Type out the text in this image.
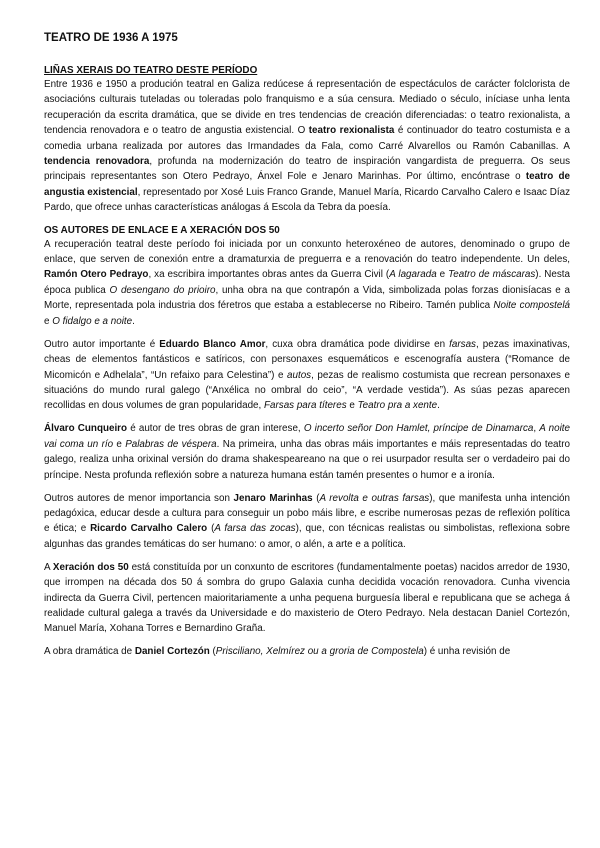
TEATRO DE 1936 A 1975
LIÑAS XERAIS DO TEATRO DESTE PERÍODO

Entre 1936 e 1950 a produción teatral en Galiza redúcese á representación de espectáculos de carácter folclorista de asociacións culturais tuteladas ou toleradas polo franquismo e a súa censura. Mediado o século, iníciase unha lenta recuperación da escrita dramática, que se divide en tres tendencias de creación diferenciadas: o teatro rexionalista, a tendencia renovadora e o teatro de angustia existencial. O teatro rexionalista é continuador do teatro costumista e a comedia urbana realizada por autores das Irmandades da Fala, como Carré Alvarellos ou Ramón Cabanillas. A tendencia renovadora, profunda na modernización do teatro de inspiración vangardista de preguerra. Os seus principais representantes son Otero Pedrayo, Ánxel Fole e Jenaro Marinhas. Por último, encóntrase o teatro de angustia existencial, representado por Xosé Luis Franco Grande, Manuel María, Ricardo Carvalho Calero e Isaac Díaz Pardo, que ofrece unhas características análogas á Escola da Tebra da poesía.

OS AUTORES DE ENLACE E A XERACIÓN DOS 50

A recuperación teatral deste período foi iniciada por un conxunto heteroxéneo de autores, denominado o grupo de enlace, que serven de conexión entre a dramaturxia de preguerra e a renovación do teatro independente. Un deles, Ramón Otero Pedrayo, xa escribira importantes obras antes da Guerra Civil (A lagarada e Teatro de máscaras). Nesta época publica O desengano do prioiro, unha obra na que contrapón a Vida, simbolizada polas forzas dionisíacas e a Morte, representada pola industria dos féretros que estaba a establecerse no Ribeiro. Tamén publica Noite compostelá e O fidalgo e a noite.

Outro autor importante é Eduardo Blanco Amor, cuxa obra dramática pode dividirse en farsas, pezas imaxinativas, cheas de elementos fantásticos e satíricos, con personaxes esquemáticos e escenografía austera (“Romance de Micomicón e Adhelala”, “Un refaixo para Celestina”) e autos, pezas de realismo costumista que recrean personaxes e situacións do mundo rural galego (“Anxélica no ombral do ceio”, “A verdade vestida”). As súas pezas aparecen recollidas en dous volumes de gran popularidade, Farsas para títeres e Teatro pra a xente.

Álvaro Cunqueiro é autor de tres obras de gran interese, O incerto señor Don Hamlet, príncipe de Dinamarca, A noite vai coma un río e Palabras de véspera. Na primeira, unha das obras máis importantes e máis representadas do teatro galego, realiza unha orixinal versión do drama shakespeareano na que o rei usurpador resulta ser o verdadeiro pai do príncipe. Nesta profunda reflexión sobre a natureza humana están tamén presentes o humor e a ironía.

Outros autores de menor importancia son Jenaro Marinhas (A revolta e outras farsas), que manifesta unha intención pedagóxica, educar desde a cultura para conseguir un pobo máis libre, e escribe numerosas pezas de reflexión política e ética; e Ricardo Carvalho Calero (A farsa das zocas), que, con técnicas realistas ou simbolistas, reflexiona sobre algunhas das grandes temáticas do ser humano: o amor, o alén, a arte e a política.

A Xeración dos 50 está constituída por un conxunto de escritores (fundamentalmente poetas) nacidos arredor de 1930, que irrompen na década dos 50 á sombra do grupo Galaxia cunha decidida vocación renovadora. Cunha vivencia indirecta da Guerra Civil, pertencen maioritariamente a unha pequena burguesía liberal e republicana que se achega á realidade cultural galega a través da Universidade e do maxisterio de Otero Pedrayo. Nela destacan Daniel Cortezón, Manuel María, Xohana Torres e Bernardino Graña.

A obra dramática de Daniel Cortezón (Prisciliano, Xelmírez ou a groria de Compostela) é unha revisión de
